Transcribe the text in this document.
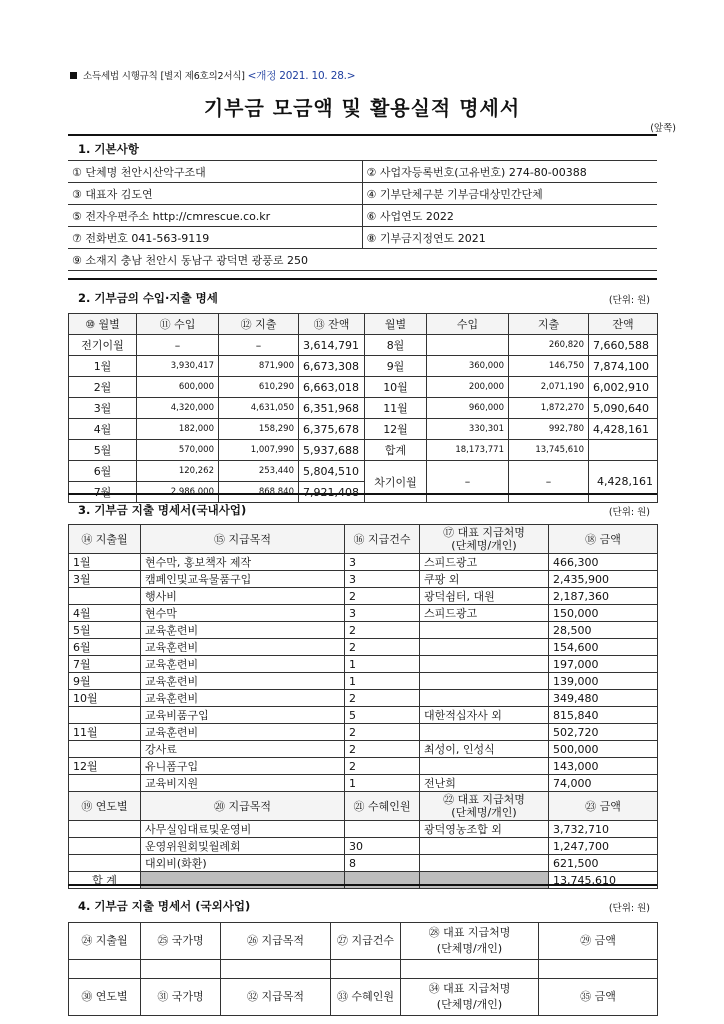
소득세법 시행규칙 [별지 제6호의2서식] <개정 2021. 10. 28.>
기부금 모금액 및 활용실적 명세서
(앞쪽)
1. 기본사항
① 단체명 천안시산악구조대	② 사업자등록번호(고유번호) 274-80-00388
③ 대표자 김도연	④ 기부단체구분 기부금대상민간단체
⑤ 전자우편주소 http://cmrescue.co.kr	⑥ 사업연도 2022
⑦ 전화번호 041-563-9119	⑧ 기부금지정연도 2021
⑨ 소재지 충남 천안시 동남구 광덕면 광풍로 250	
2. 기부금의 수입·지출 명세	(단위: 원)
⑩ 월별	⑪ 수입	⑫ 지출	⑬ 잔액	월별	수입	지출	잔액
전기이월	–	–	3,614,791	8월		260,820	7,660,588
1월	3,930,417	871,900	6,673,308	9월	360,000	146,750	7,874,100
2월	600,000	610,290	6,663,018	10월	200,000	2,071,190	6,002,910
3월	4,320,000	4,631,050	6,351,968	11월	960,000	1,872,270	5,090,640
4월	182,000	158,290	6,375,678	12월	330,301	992,780	4,428,161
5월	570,000	1,007,990	5,937,688	합계	18,173,771	13,745,610	
6월	120,262	253,440	5,804,510	차기이월	–	–	4,428,161
7월	2,986,000	868,840	7,921,408				
3. 기부금 지출 명세서(국내사업)	(단위: 원)
⑭ 지출월	⑮ 지급목적	⑯ 지급건수	⑰ 대표 지급처명
(단체명/개인)	⑱ 금액
1월	현수막, 홍보책자 제작	3	스피드광고	466,300
3월	캠페인및교육물품구입	3	쿠팡 외	2,435,900
	행사비	2	광덕쉼터, 대원	2,187,360
4월	현수막	3	스피드광고	150,000
5월	교육훈련비	2		28,500
6월	교육훈련비	2		154,600
7월	교육훈련비	1		197,000
9월	교육훈련비	1		139,000
10월	교육훈련비	2		349,480
	교육비품구입	5	대한적십자사 외	815,840
11월	교육훈련비	2		502,720
	강사료	2	최성이, 인성식	500,000
12월	유니폼구입	2		143,000
	교육비지원	1	전난희	74,000
⑲ 연도별	⑳ 지급목적	㉑ 수혜인원	㉒ 대표 지급처명
(단체명/개인)	㉓ 금액
	사무실임대료및운영비		광덕영농조합 외	3,732,710
	운영위원회및월례회	30		1,247,700
	대외비(화환)	8		621,500
합 계				13,745,610
4. 기부금 지출 명세서 (국외사업)	(단위: 원)
㉔ 지출월	㉕ 국가명	㉖ 지급목적	㉗ 지급건수	㉘ 대표 지급처명
(단체명/개인)	㉙ 금액

㉚ 연도별	㉛ 국가명	㉜ 지급목적	㉝ 수혜인원	㉞ 대표 지급처명
(단체명/개인)	㉟ 금액
